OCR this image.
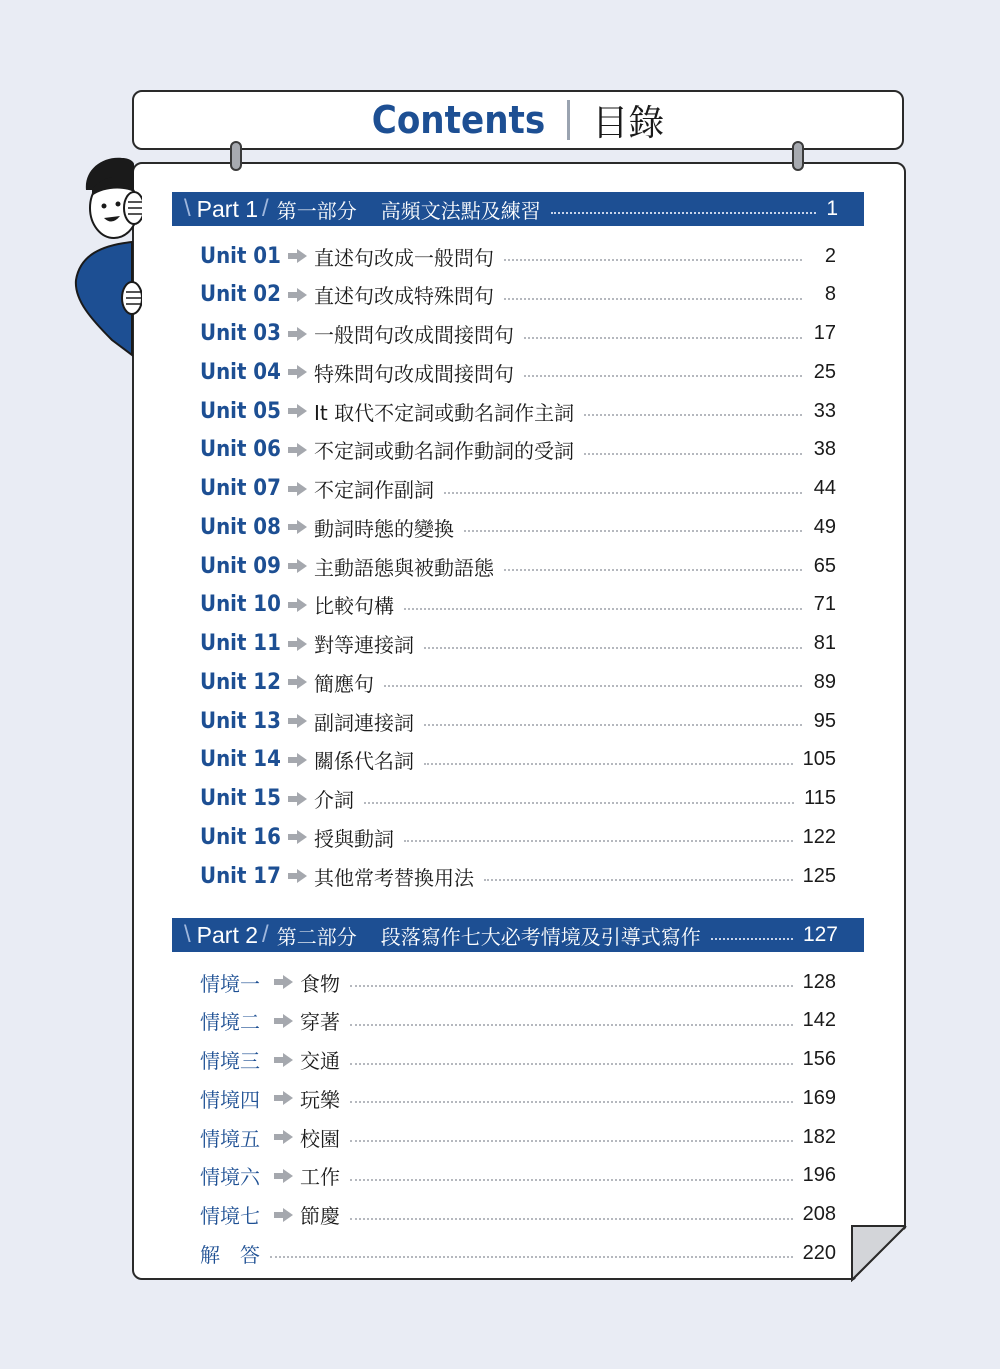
Contents 目錄
\ Part 1 / 第一部分 高頻文法點及練習	1
Unit 01 直述句改成一般問句	2
Unit 02 直述句改成特殊問句	8
Unit 03 一般問句改成間接問句	17
Unit 04 特殊問句改成間接問句	25
Unit 05 It 取代不定詞或動名詞作主詞	33
Unit 06 不定詞或動名詞作動詞的受詞	38
Unit 07 不定詞作副詞	44
Unit 08 動詞時態的變換	49
Unit 09 主動語態與被動語態	65
Unit 10 比較句構	71
Unit 11 對等連接詞	81
Unit 12 簡應句	89
Unit 13 副詞連接詞	95
Unit 14 關係代名詞	105
Unit 15 介詞	115
Unit 16 授與動詞	122
Unit 17 其他常考替換用法	125
\ Part 2 / 第二部分 段落寫作七大必考情境及引導式寫作	127
情境一	食物	128
情境二	穿著	142
情境三	交通	156
情境四	玩樂	169
情境五	校園	182
情境六	工作	196
情境七	節慶	208
解　答	220
